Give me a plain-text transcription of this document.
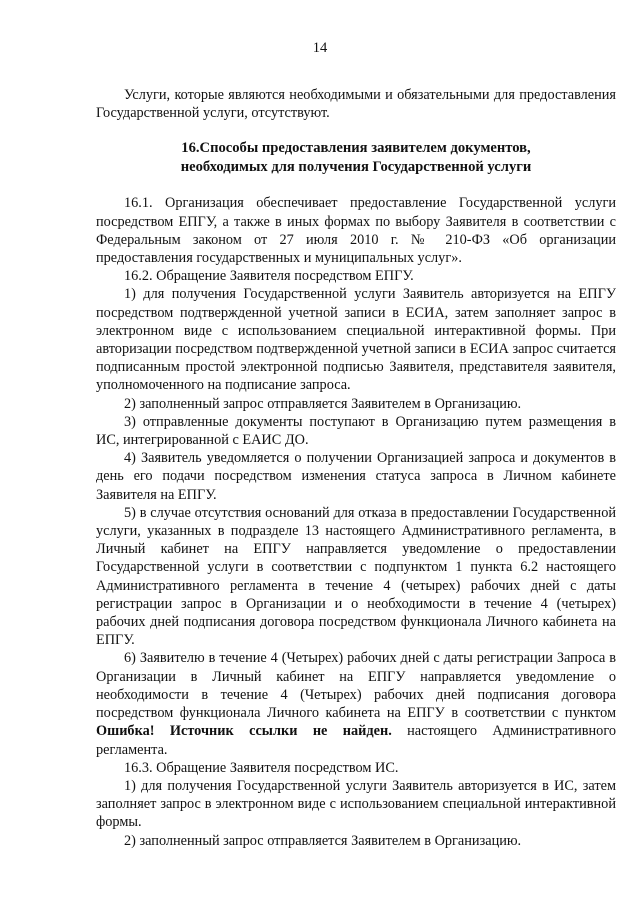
14

Услуги, которые являются необходимыми и обязательными для предоставления Государственной услуги, отсутствуют.

16.Способы предоставления заявителем документов,

необходимых для получения Государственной услуги

16.1. Организация обеспечивает предоставление Государственной услуги посредством ЕПГУ, а также в иных формах по выбору Заявителя в соответствии с Федеральным законом от 27 июля 2010 г. № 210-ФЗ «Об организации предоставления государственных и муниципальных услуг».

16.2. Обращение Заявителя посредством ЕПГУ.

1) для получения Государственной услуги Заявитель авторизуется на ЕПГУ посредством подтвержденной учетной записи в ЕСИА, затем заполняет запрос в электронном виде с использованием специальной интерактивной формы. При авторизации посредством подтвержденной учетной записи в ЕСИА запрос считается подписанным простой электронной подписью Заявителя, представителя заявителя, уполномоченного на подписание запроса.

2) заполненный запрос отправляется Заявителем в Организацию.

3) отправленные документы поступают в Организацию путем размещения в ИС, интегрированной с ЕАИС ДО.

4) Заявитель уведомляется о получении Организацией запроса и документов в день его подачи посредством изменения статуса запроса в Личном кабинете Заявителя на ЕПГУ.

5) в случае отсутствия оснований для отказа в предоставлении Государственной услуги, указанных в подразделе 13 настоящего Административного регламента, в Личный кабинет на ЕПГУ направляется уведомление о предоставлении Государственной услуги в соответствии с подпунктом 1 пункта 6.2 настоящего Административного регламента в течение 4 (четырех) рабочих дней с даты регистрации запрос в Организации и о необходимости в течение 4 (четырех) рабочих дней подписания договора посредством функционала Личного кабинета на ЕПГУ.

6) Заявителю в течение 4 (Четырех) рабочих дней с даты регистрации Запроса в Организации в Личный кабинет на ЕПГУ направляется уведомление о необходимости в течение 4 (Четырех) рабочих дней подписания договора посредством функционала Личного кабинета на ЕПГУ в соответствии с пунктом Ошибка! Источник ссылки не найден. настоящего Административного регламента.

16.3. Обращение Заявителя посредством ИС.

1) для получения Государственной услуги Заявитель авторизуется в ИС, затем заполняет запрос в электронном виде с использованием специальной интерактивной формы.

2) заполненный запрос отправляется Заявителем в Организацию.
